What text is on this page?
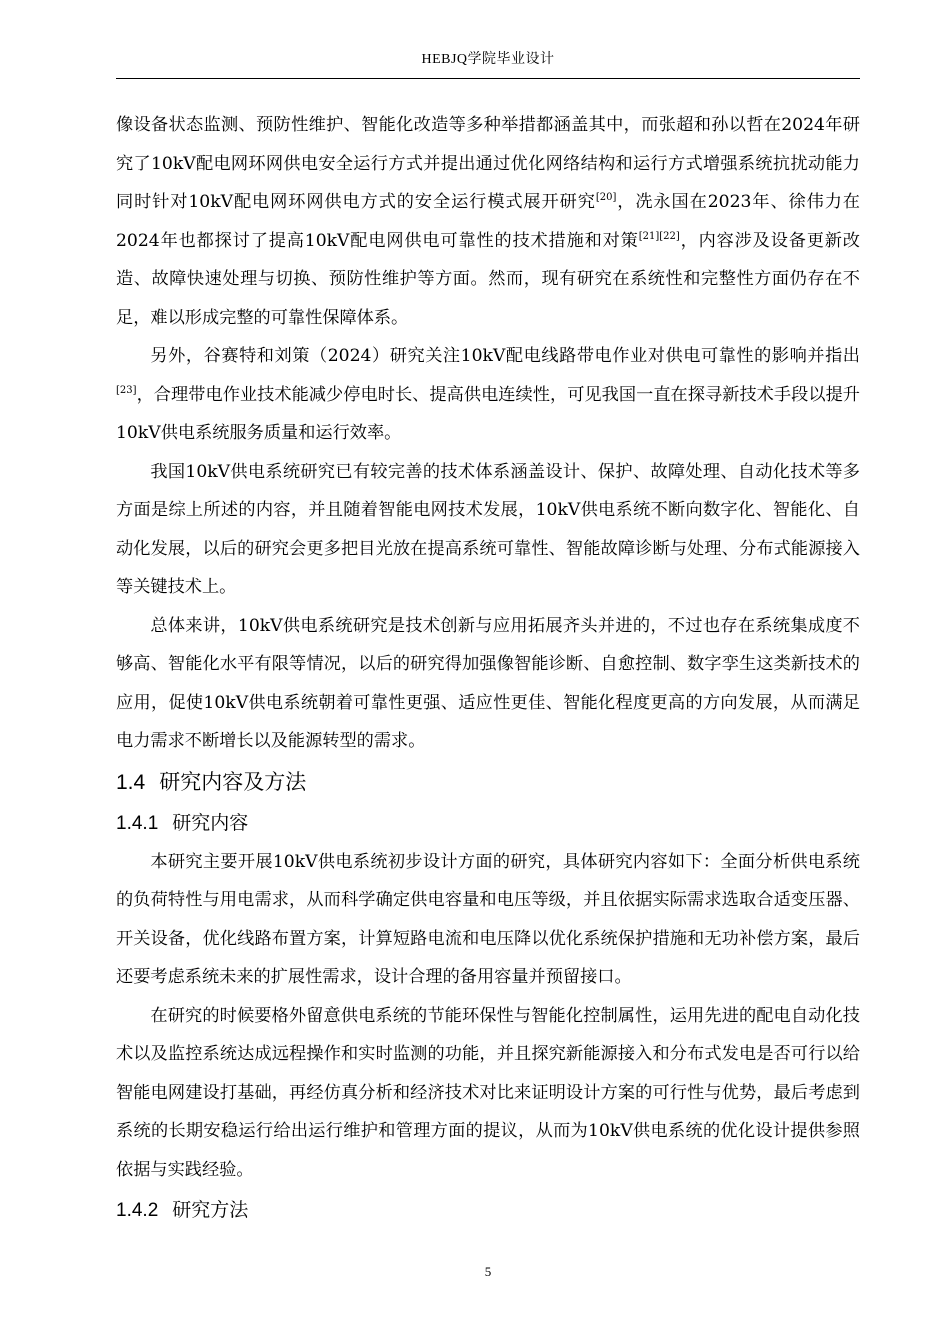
HEBJQ学院毕业设计

像设备状态监测、预防性维护、智能化改造等多种举措都涵盖其中，而张超和孙以哲在2024年研究了10kV配电网环网供电安全运行方式并提出通过优化网络结构和运行方式增强系统抗扰动能力同时针对10kV配电网环网供电方式的安全运行模式展开研究[20]，冼永国在2023年、徐伟力在2024年也都探讨了提高10kV配电网供电可靠性的技术措施和对策[21][22]，内容涉及设备更新改造、故障快速处理与切换、预防性维护等方面。然而，现有研究在系统性和完整性方面仍存在不足，难以形成完整的可靠性保障体系。

另外，谷赛特和刘策（2024）研究关注10kV配电线路带电作业对供电可靠性的影响并指出[23]，合理带电作业技术能减少停电时长、提高供电连续性，可见我国一直在探寻新技术手段以提升10kV供电系统服务质量和运行效率。

我国10kV供电系统研究已有较完善的技术体系涵盖设计、保护、故障处理、自动化技术等多方面是综上所述的内容，并且随着智能电网技术发展，10kV供电系统不断向数字化、智能化、自动化发展，以后的研究会更多把目光放在提高系统可靠性、智能故障诊断与处理、分布式能源接入等关键技术上。

总体来讲，10kV供电系统研究是技术创新与应用拓展齐头并进的，不过也存在系统集成度不够高、智能化水平有限等情况，以后的研究得加强像智能诊断、自愈控制、数字孪生这类新技术的应用，促使10kV供电系统朝着可靠性更强、适应性更佳、智能化程度更高的方向发展，从而满足电力需求不断增长以及能源转型的需求。

1.4 研究内容及方法
1.4.1 研究内容

本研究主要开展10kV供电系统初步设计方面的研究，具体研究内容如下：全面分析供电系统的负荷特性与用电需求，从而科学确定供电容量和电压等级，并且依据实际需求选取合适变压器、开关设备，优化线路布置方案，计算短路电流和电压降以优化系统保护措施和无功补偿方案，最后还要考虑系统未来的扩展性需求，设计合理的备用容量并预留接口。

在研究的时候要格外留意供电系统的节能环保性与智能化控制属性，运用先进的配电自动化技术以及监控系统达成远程操作和实时监测的功能，并且探究新能源接入和分布式发电是否可行以给智能电网建设打基础，再经仿真分析和经济技术对比来证明设计方案的可行性与优势，最后考虑到系统的长期安稳运行给出运行维护和管理方面的提议，从而为10kV供电系统的优化设计提供参照依据与实践经验。

1.4.2 研究方法
5
